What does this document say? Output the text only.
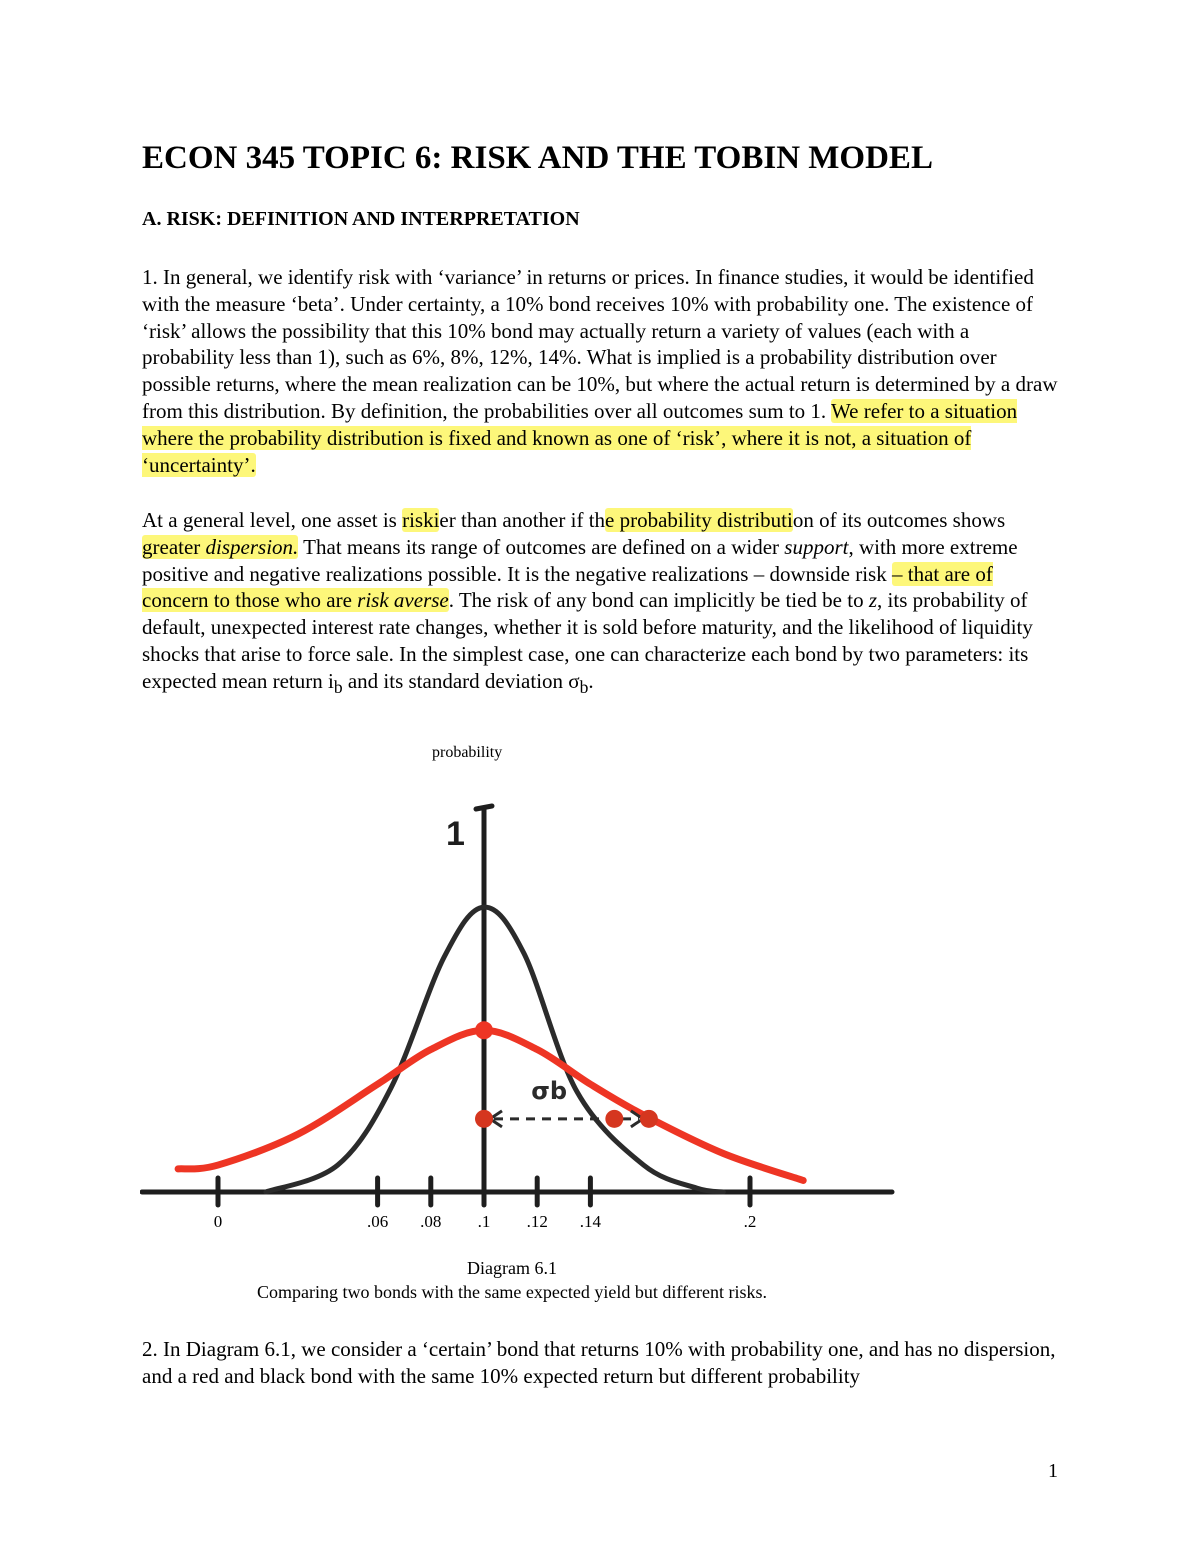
ECON 345 TOPIC 6: RISK AND THE TOBIN MODEL
A. RISK: DEFINITION AND INTERPRETATION

1. In general, we identify risk with ‘variance’ in returns or prices. In finance studies, it would be identified with the measure ‘beta’. Under certainty, a 10% bond receives 10% with probability one. The existence of ‘risk’ allows the possibility that this 10% bond may actually return a variety of values (each with a probability less than 1), such as 6%, 8%, 12%, 14%. What is implied is a probability distribution over possible returns, where the mean realization can be 10%, but where the actual return is determined by a draw from this distribution. By definition, the probabilities over all outcomes sum to 1. We refer to a situation where the probability distribution is fixed and known as one of ‘risk’, where it is not, a situation of ‘uncertainty’.

At a general level, one asset is riskier than another if the probability distribution of its outcomes shows greater dispersion. That means its range of outcomes are defined on a wider support, with more extreme positive and negative realizations possible. It is the negative realizations – downside risk – that are of concern to those who are risk averse. The risk of any bond can implicitly be tied be to z, its probability of default, unexpected interest rate changes, whether it is sold before maturity, and the likelihood of liquidity shocks that arise to force sale. In the simplest case, one can characterize each bond by two parameters: its expected mean return $i_b$ and its standard deviation $\sigma_b$.

probability
1
σb
0	.06 .08 .1 .12 .14	.2
Diagram 6.1
Comparing two bonds with the same expected yield but different risks.

2. In Diagram 6.1, we consider a ‘certain’ bond that returns 10% with probability one, and has no dispersion, and a red and black bond with the same 10% expected return but different probability

1
